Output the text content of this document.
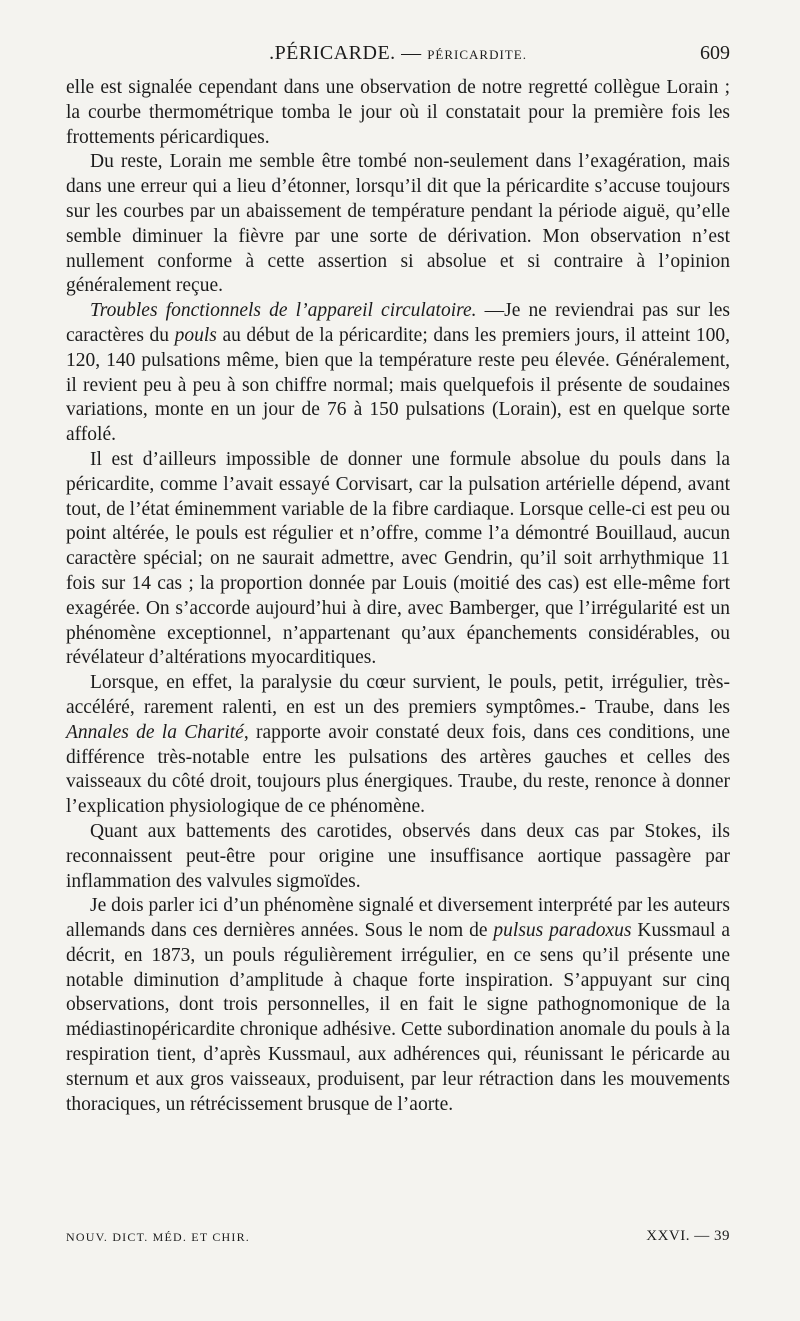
.PÉRICARDE. — PÉRICARDITE.	609

elle est signalée cependant dans une observation de notre regretté collègue Lorain ; la courbe thermométrique tomba le jour où il constatait pour la première fois les frottements péricardiques.

Du reste, Lorain me semble être tombé non-seulement dans l’exagération, mais dans une erreur qui a lieu d’étonner, lorsqu’il dit que la péricardite s’accuse toujours sur les courbes par un abaissement de température pendant la période aiguë, qu’elle semble diminuer la fièvre par une sorte de dérivation. Mon observation n’est nullement conforme à cette assertion si absolue et si contraire à l’opinion généralement reçue.

Troubles fonctionnels de l’appareil circulatoire. —Je ne reviendrai pas sur les caractères du pouls au début de la péricardite; dans les premiers jours, il atteint 100, 120, 140 pulsations même, bien que la température reste peu élevée. Généralement, il revient peu à peu à son chiffre normal; mais quelquefois il présente de soudaines variations, monte en un jour de 76 à 150 pulsations (Lorain), est en quelque sorte affolé.

Il est d’ailleurs impossible de donner une formule absolue du pouls dans la péricardite, comme l’avait essayé Corvisart, car la pulsation artérielle dépend, avant tout, de l’état éminemment variable de la fibre cardiaque. Lorsque celle-ci est peu ou point altérée, le pouls est régulier et n’offre, comme l’a démontré Bouillaud, aucun caractère spécial; on ne saurait admettre, avec Gendrin, qu’il soit arrhythmique 11 fois sur 14 cas ; la proportion donnée par Louis (moitié des cas) est elle-même fort exagérée. On s’accorde aujourd’hui à dire, avec Bamberger, que l’irrégularité est un phénomène exceptionnel, n’appartenant qu’aux épanchements considérables, ou révélateur d’altérations myocarditiques.

Lorsque, en effet, la paralysie du cœur survient, le pouls, petit, irrégulier, très-accéléré, rarement ralenti, en est un des premiers symptômes.- Traube, dans les Annales de la Charité, rapporte avoir constaté deux fois, dans ces conditions, une différence très-notable entre les pulsations des artères gauches et celles des vaisseaux du côté droit, toujours plus énergiques. Traube, du reste, renonce à donner l’explication physiologique de ce phénomène.

Quant aux battements des carotides, observés dans deux cas par Stokes, ils reconnaissent peut-être pour origine une insuffisance aortique passagère par inflammation des valvules sigmoïdes.

Je dois parler ici d’un phénomène signalé et diversement interprété par les auteurs allemands dans ces dernières années. Sous le nom de pulsus paradoxus Kussmaul a décrit, en 1873, un pouls régulièrement irrégulier, en ce sens qu’il présente une notable diminution d’amplitude à chaque forte inspiration. S’appuyant sur cinq observations, dont trois personnelles, il en fait le signe pathognomonique de la médiastinopéricardite chronique adhésive. Cette subordination anomale du pouls à la respiration tient, d’après Kussmaul, aux adhérences qui, réunissant le péricarde au sternum et aux gros vaisseaux, produisent, par leur rétraction dans les mouvements thoraciques, un rétrécissement brusque de l’aorte.

NOUV. DICT. MÉD. ET CHIR.	XXVI. — 39
